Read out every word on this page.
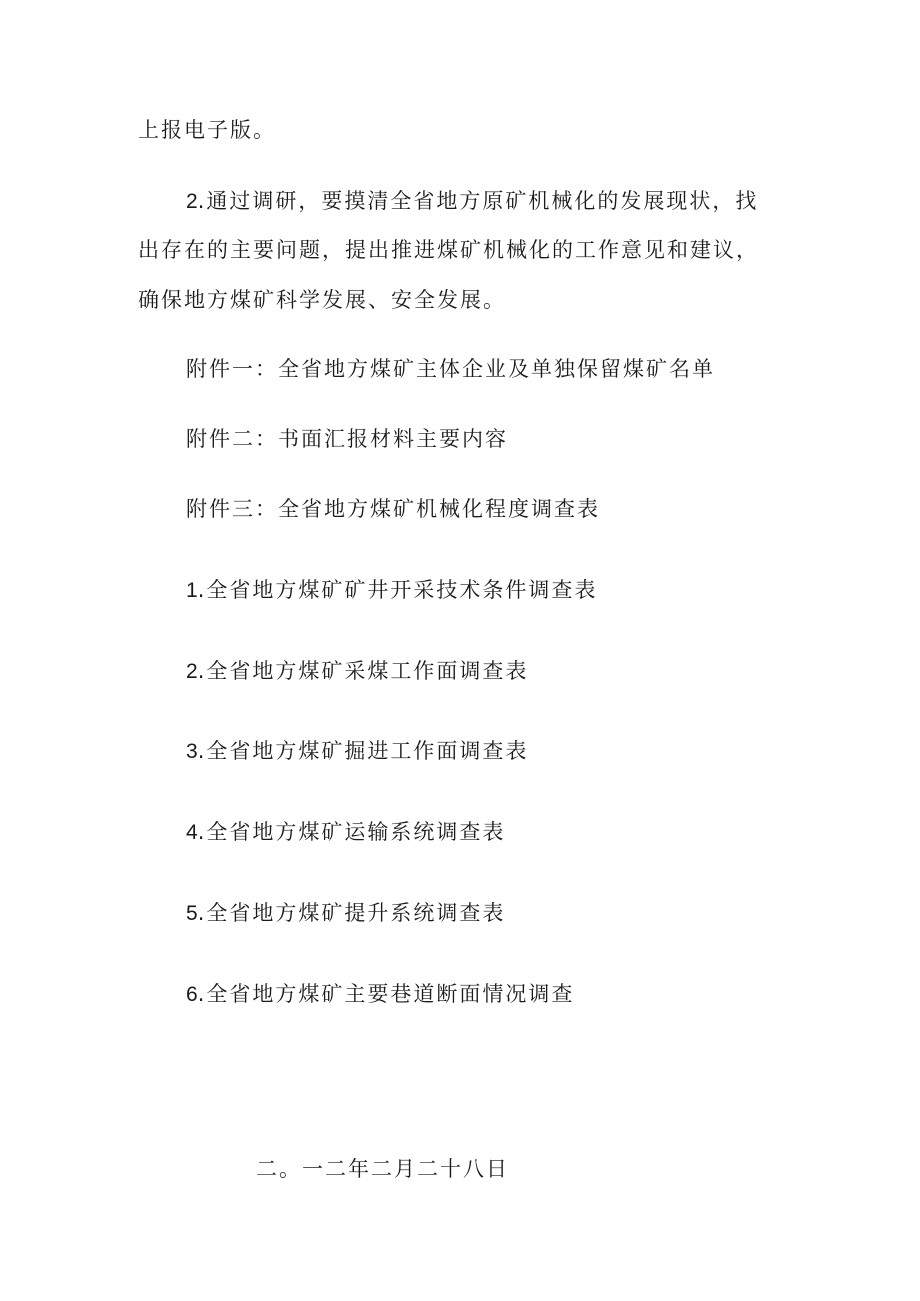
上报电子版。

2.通过调研，要摸清全省地方原矿机械化的发展现状，找

出存在的主要问题，提出推进煤矿机械化的工作意见和建议，

确保地方煤矿科学发展、安全发展。

附件一：全省地方煤矿主体企业及单独保留煤矿名单

附件二：书面汇报材料主要内容

附件三：全省地方煤矿机械化程度调查表

1.全省地方煤矿矿井开采技术条件调查表

2.全省地方煤矿采煤工作面调查表

3.全省地方煤矿掘进工作面调查表

4.全省地方煤矿运输系统调查表

5.全省地方煤矿提升系统调查表

6.全省地方煤矿主要巷道断面情况调查

二。一二年二月二十八日
